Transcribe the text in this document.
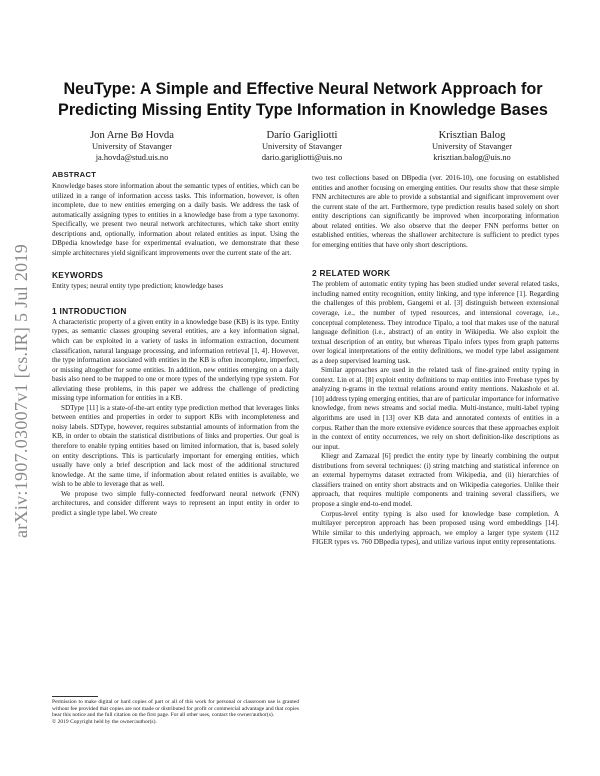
arXiv:1907.03007v1 [cs.IR] 5 Jul 2019
NeuType: A Simple and Effective Neural Network Approach for Predicting Missing Entity Type Information in Knowledge Bases
Jon Arne Bø Hovda
University of Stavanger
ja.hovda@stud.uis.no
Darío Garigliotti
University of Stavanger
dario.garigliotti@uis.no
Krisztian Balog
University of Stavanger
krisztian.balog@uis.no
ABSTRACT

Knowledge bases store information about the semantic types of entities, which can be utilized in a range of information access tasks. This information, however, is often incomplete, due to new entities emerging on a daily basis. We address the task of automatically assigning types to entities in a knowledge base from a type taxonomy. Specifically, we present two neural network architectures, which take short entity descriptions and, optionally, information about related entities as input. Using the DBpedia knowledge base for experimental evaluation, we demonstrate that these simple architectures yield significant improvements over the current state of the art.

KEYWORDS

Entity types; neural entity type prediction; knowledge bases

1 INTRODUCTION

A characteristic property of a given entity in a knowledge base (KB) is its type. Entity types, as semantic classes grouping several entities, are a key information signal, which can be exploited in a variety of tasks in information extraction, document classification, natural language processing, and information retrieval [1, 4]. However, the type information associated with entities in the KB is often incomplete, imperfect, or missing altogether for some entities. In addition, new entities emerging on a daily basis also need to be mapped to one or more types of the underlying type system. For alleviating these problems, in this paper we address the challenge of predicting missing type information for entities in a KB.

SDType [11] is a state-of-the-art entity type prediction method that leverages links between entities and properties in order to support KBs with incompleteness and noisy labels. SDType, however, requires substantial amounts of information from the KB, in order to obtain the statistical distributions of links and properties. Our goal is therefore to enable typing entities based on limited information, that is, based solely on entity descriptions. This is particularly important for emerging entities, which usually have only a brief description and lack most of the additional structured knowledge. At the same time, if information about related entities is available, we wish to be able to leverage that as well.

We propose two simple fully-connected feedforward neural network (FNN) architectures, and consider different ways to represent an input entity in order to predict a single type label. We create

two test collections based on DBpedia (ver. 2016-10), one focusing on established entities and another focusing on emerging entities. Our results show that these simple FNN architectures are able to provide a substantial and significant improvement over the current state of the art. Furthermore, type prediction results based solely on short entity descriptions can significantly be improved when incorporating information about related entities. We also observe that the deeper FNN performs better on established entities, whereas the shallower architecture is sufficient to predict types for emerging entities that have only short descriptions.

2 RELATED WORK

The problem of automatic entity typing has been studied under several related tasks, including named entity recognition, entity linking, and type inference [1]. Regarding the challenges of this problem, Gangemi et al. [3] distinguish between extensional coverage, i.e., the number of typed resources, and intensional coverage, i.e., conceptual completeness. They introduce Tìpalo, a tool that makes use of the natural language definition (i.e., abstract) of an entity in Wikipedia. We also exploit the textual description of an entity, but whereas Tìpalo infers types from graph patterns over logical interpretations of the entity definitions, we model type label assignment as a deep supervised learning task.

Similar approaches are used in the related task of fine-grained entity typing in context. Lin et al. [8] exploit entity definitions to map entities into Freebase types by analyzing n-grams in the textual relations around entity mentions. Nakashole et al. [10] address typing emerging entities, that are of particular importance for informative knowledge, from news streams and social media. Multi-instance, multi-label typing algorithms are used in [13] over KB data and annotated contexts of entities in a corpus. Rather than the more extensive evidence sources that these approaches exploit in the context of entity occurrences, we rely on short definition-like descriptions as our input.

Kliegr and Zamazal [6] predict the entity type by linearly combining the output distributions from several techniques: (i) string matching and statistical inference on an external hypernyms dataset extracted from Wikipedia, and (ii) hierarchies of classifiers trained on entity short abstracts and on Wikipedia categories. Unlike their approach, that requires multiple components and training several classifiers, we propose a single end-to-end model.

Corpus-level entity typing is also used for knowledge base completion. A multilayer perceptron approach has been proposed using word embeddings [14]. While similar to this underlying approach, we employ a larger type system (112 FIGER types vs. 760 DBpedia types), and utilize various input entity representations.

Permission to make digital or hard copies of part or all of this work for personal or classroom use is granted without fee provided that copies are not made or distributed for profit or commercial advantage and that copies bear this notice and the full citation on the first page. For all other uses, contact the owner/author(s).
© 2019 Copyright held by the owner/author(s).
